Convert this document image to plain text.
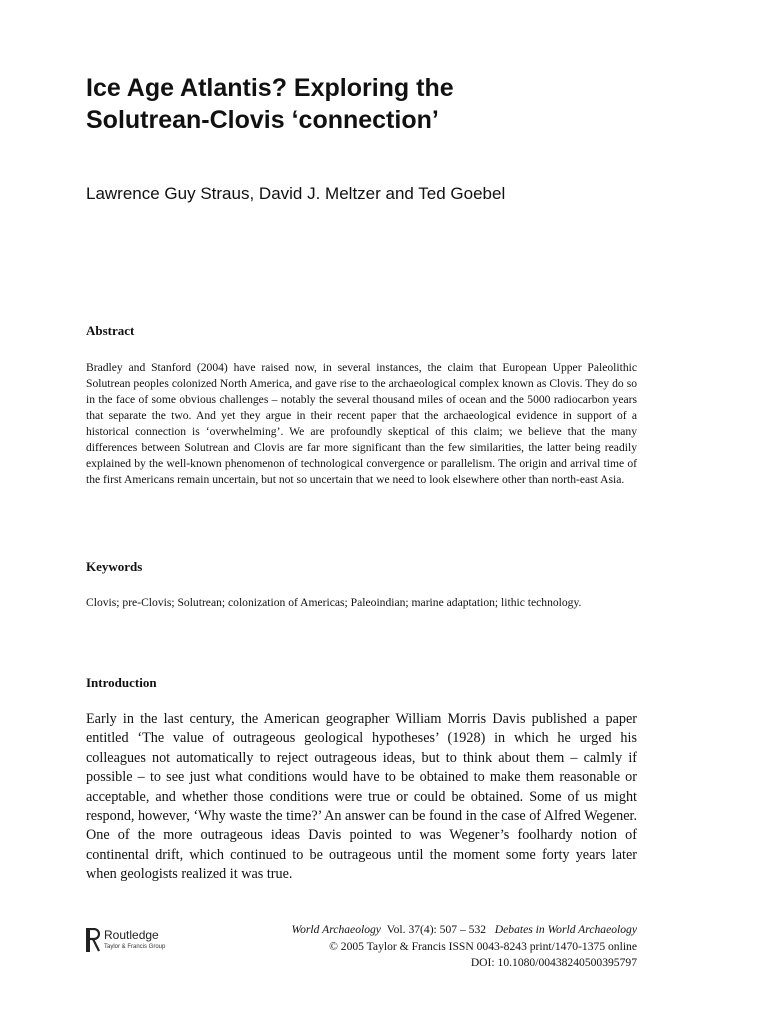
Ice Age Atlantis? Exploring the
Solutrean-Clovis ‘connection’

Lawrence Guy Straus, David J. Meltzer and Ted Goebel

Abstract

Bradley and Stanford (2004) have raised now, in several instances, the claim that European Upper Paleolithic Solutrean peoples colonized North America, and gave rise to the archaeological complex known as Clovis. They do so in the face of some obvious challenges – notably the several thousand miles of ocean and the 5000 radiocarbon years that separate the two. And yet they argue in their recent paper that the archaeological evidence in support of a historical connection is ‘overwhelming’. We are profoundly skeptical of this claim; we believe that the many differences between Solutrean and Clovis are far more significant than the few similarities, the latter being readily explained by the well-known phenomenon of technological convergence or parallelism. The origin and arrival time of the first Americans remain uncertain, but not so uncertain that we need to look elsewhere other than north-east Asia.

Keywords

Clovis; pre-Clovis; Solutrean; colonization of Americas; Paleoindian; marine adaptation; lithic technology.

Introduction

Early in the last century, the American geographer William Morris Davis published a paper entitled ‘The value of outrageous geological hypotheses’ (1928) in which he urged his colleagues not automatically to reject outrageous ideas, but to think about them – calmly if possible – to see just what conditions would have to be obtained to make them reasonable or acceptable, and whether those conditions were true or could be obtained. Some of us might respond, however, ‘Why waste the time?’ An answer can be found in the case of Alfred Wegener. One of the more outrageous ideas Davis pointed to was Wegener’s foolhardy notion of continental drift, which continued to be outrageous until the moment some forty years later when geologists realized it was true.

Routledge
Taylor & Francis Group
World Archaeology Vol. 37(4): 507 – 532 Debates in World Archaeology
© 2005 Taylor & Francis ISSN 0043-8243 print/1470-1375 online
DOI: 10.1080/00438240500395797
